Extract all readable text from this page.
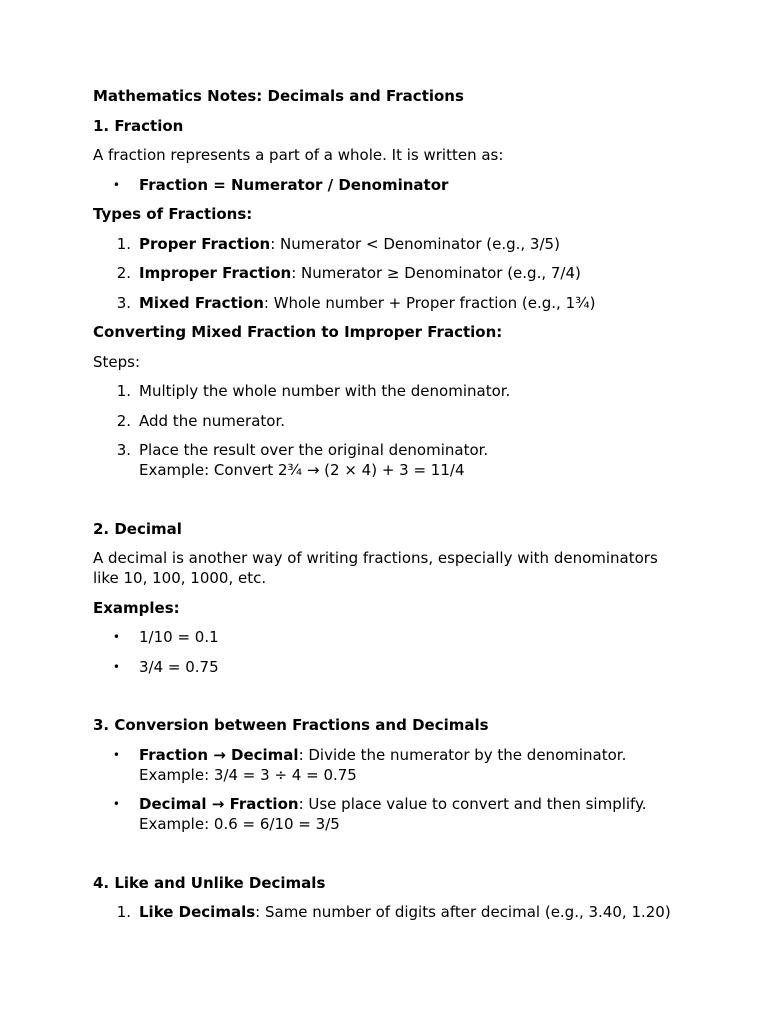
Mathematics Notes: Decimals and Fractions

1. Fraction

A fraction represents a part of a whole. It is written as:

• Fraction = Numerator / Denominator

Types of Fractions:

1. Proper Fraction: Numerator < Denominator (e.g., 3/5)
2. Improper Fraction: Numerator ≥ Denominator (e.g., 7/4)
3. Mixed Fraction: Whole number + Proper fraction (e.g., 1¾)

Converting Mixed Fraction to Improper Fraction:

Steps:

1. Multiply the whole number with the denominator.
2. Add the numerator.
3. Place the result over the original denominator.
Example: Convert 2¾ → (2 × 4) + 3 = 11/4

2. Decimal

A decimal is another way of writing fractions, especially with denominators like 10, 100, 1000, etc.

Examples:

• 1/10 = 0.1
• 3/4 = 0.75

3. Conversion between Fractions and Decimals

• Fraction → Decimal: Divide the numerator by the denominator.
Example: 3/4 = 3 ÷ 4 = 0.75
• Decimal → Fraction: Use place value to convert and then simplify.
Example: 0.6 = 6/10 = 3/5

4. Like and Unlike Decimals

1. Like Decimals: Same number of digits after decimal (e.g., 3.40, 1.20)
